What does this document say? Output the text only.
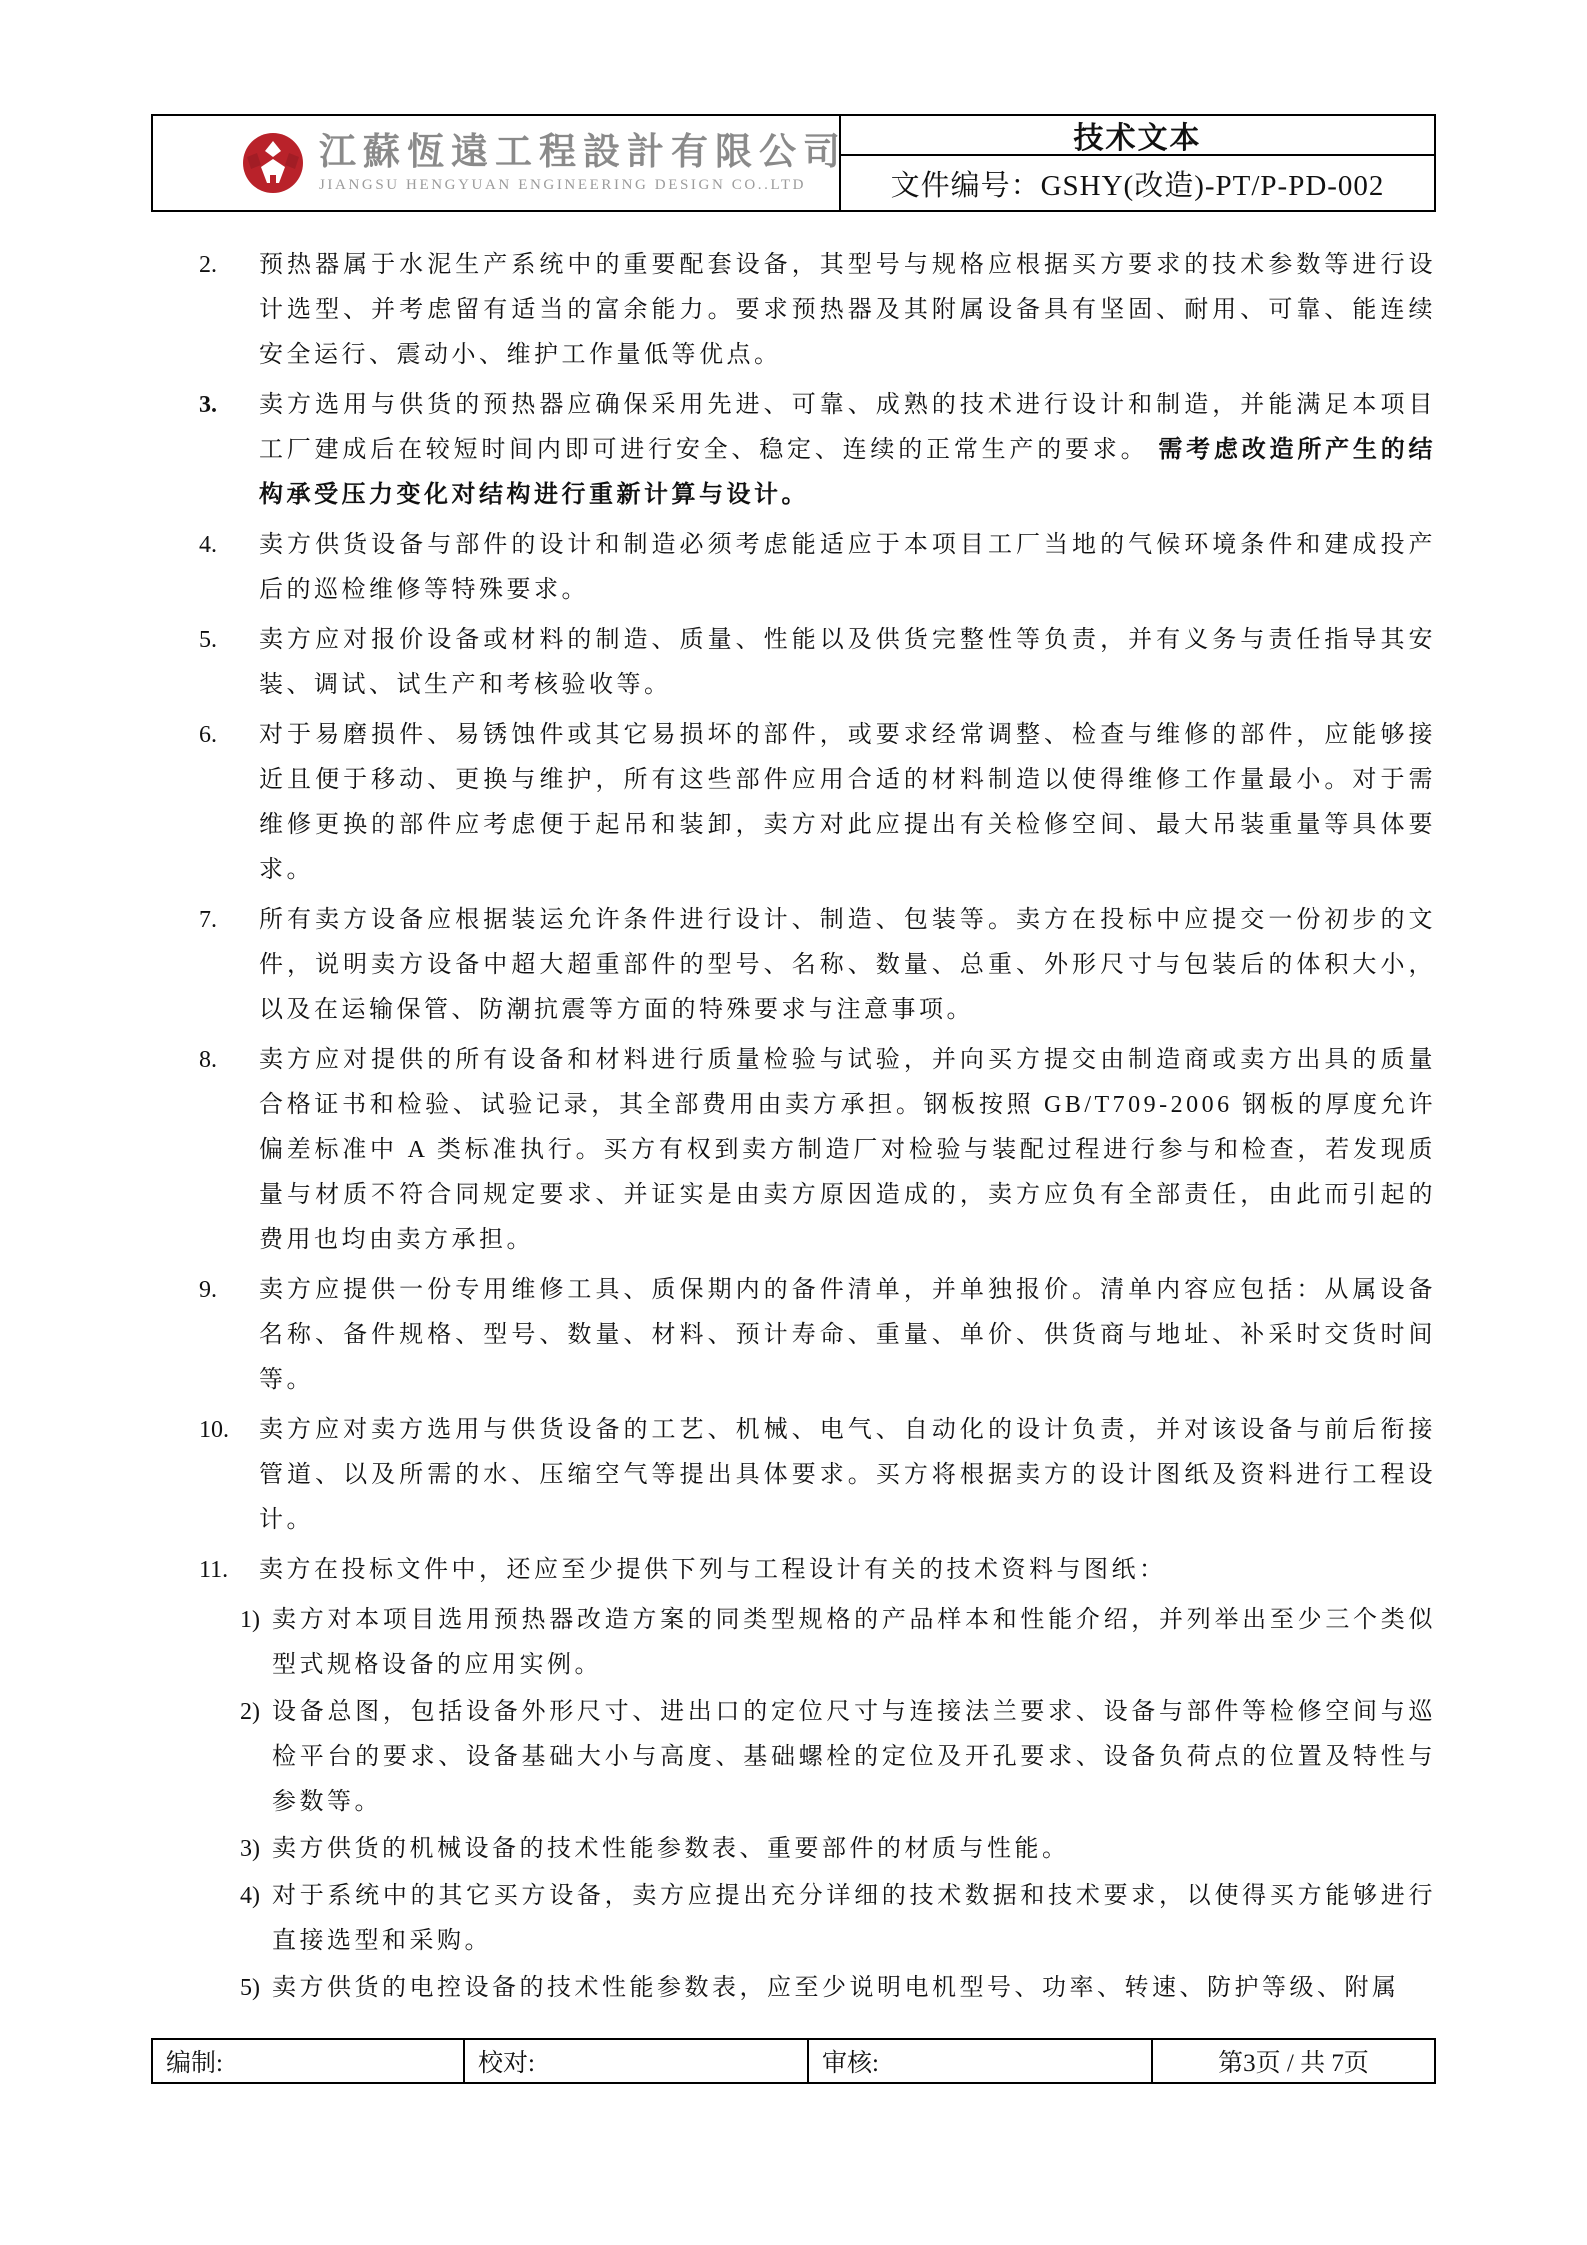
江蘇恆遠工程設計有限公司
JIANGSU HENGYUAN ENGINEERING DESIGN CO..LTD
技术文本
文件编号：GSHY(改造)-PT/P-PD-002
2.	预热器属于水泥生产系统中的重要配套设备，其型号与规格应根据买方要求的技术参数等进行设计选型、并考虑留有适当的富余能力。要求预热器及其附属设备具有坚固、耐用、可靠、能连续安全运行、震动小、维护工作量低等优点。
3.	卖方选用与供货的预热器应确保采用先进、可靠、成熟的技术进行设计和制造，并能满足本项目工厂建成后在较短时间内即可进行安全、稳定、连续的正常生产的要求。 需考虑改造所产生的结构承受压力变化对结构进行重新计算与设计。
4.	卖方供货设备与部件的设计和制造必须考虑能适应于本项目工厂当地的气候环境条件和建成投产后的巡检维修等特殊要求。
5.	卖方应对报价设备或材料的制造、质量、性能以及供货完整性等负责，并有义务与责任指导其安装、调试、试生产和考核验收等。
6.	对于易磨损件、易锈蚀件或其它易损坏的部件，或要求经常调整、检查与维修的部件，应能够接近且便于移动、更换与维护，所有这些部件应用合适的材料制造以使得维修工作量最小。对于需维修更换的部件应考虑便于起吊和装卸，卖方对此应提出有关检修空间、最大吊装重量等具体要求。
7.	所有卖方设备应根据装运允许条件进行设计、制造、包装等。卖方在投标中应提交一份初步的文件，说明卖方设备中超大超重部件的型号、名称、数量、总重、外形尺寸与包装后的体积大小，以及在运输保管、防潮抗震等方面的特殊要求与注意事项。
8.	卖方应对提供的所有设备和材料进行质量检验与试验，并向买方提交由制造商或卖方出具的质量合格证书和检验、试验记录，其全部费用由卖方承担。钢板按照 GB/T709-2006 钢板的厚度允许偏差标准中 A 类标准执行。买方有权到卖方制造厂对检验与装配过程进行参与和检查，若发现质量与材质不符合同规定要求、并证实是由卖方原因造成的，卖方应负有全部责任，由此而引起的费用也均由卖方承担。
9.	卖方应提供一份专用维修工具、质保期内的备件清单，并单独报价。清单内容应包括：从属设备名称、备件规格、型号、数量、材料、预计寿命、重量、单价、供货商与地址、补采时交货时间等。
10.	卖方应对卖方选用与供货设备的工艺、机械、电气、自动化的设计负责，并对该设备与前后衔接管道、以及所需的水、压缩空气等提出具体要求。买方将根据卖方的设计图纸及资料进行工程设计。
11.	卖方在投标文件中，还应至少提供下列与工程设计有关的技术资料与图纸：
1) 卖方对本项目选用预热器改造方案的同类型规格的产品样本和性能介绍，并列举出至少三个类似型式规格设备的应用实例。
2) 设备总图，包括设备外形尺寸、进出口的定位尺寸与连接法兰要求、设备与部件等检修空间与巡检平台的要求、设备基础大小与高度、基础螺栓的定位及开孔要求、设备负荷点的位置及特性与参数等。
3) 卖方供货的机械设备的技术性能参数表、重要部件的材质与性能。
4) 对于系统中的其它买方设备，卖方应提出充分详细的技术数据和技术要求，以使得买方能够进行直接选型和采购。
5) 卖方供货的电控设备的技术性能参数表，应至少说明电机型号、功率、转速、防护等级、附属
编制:	校对:	审核:	第3页 / 共 7页
